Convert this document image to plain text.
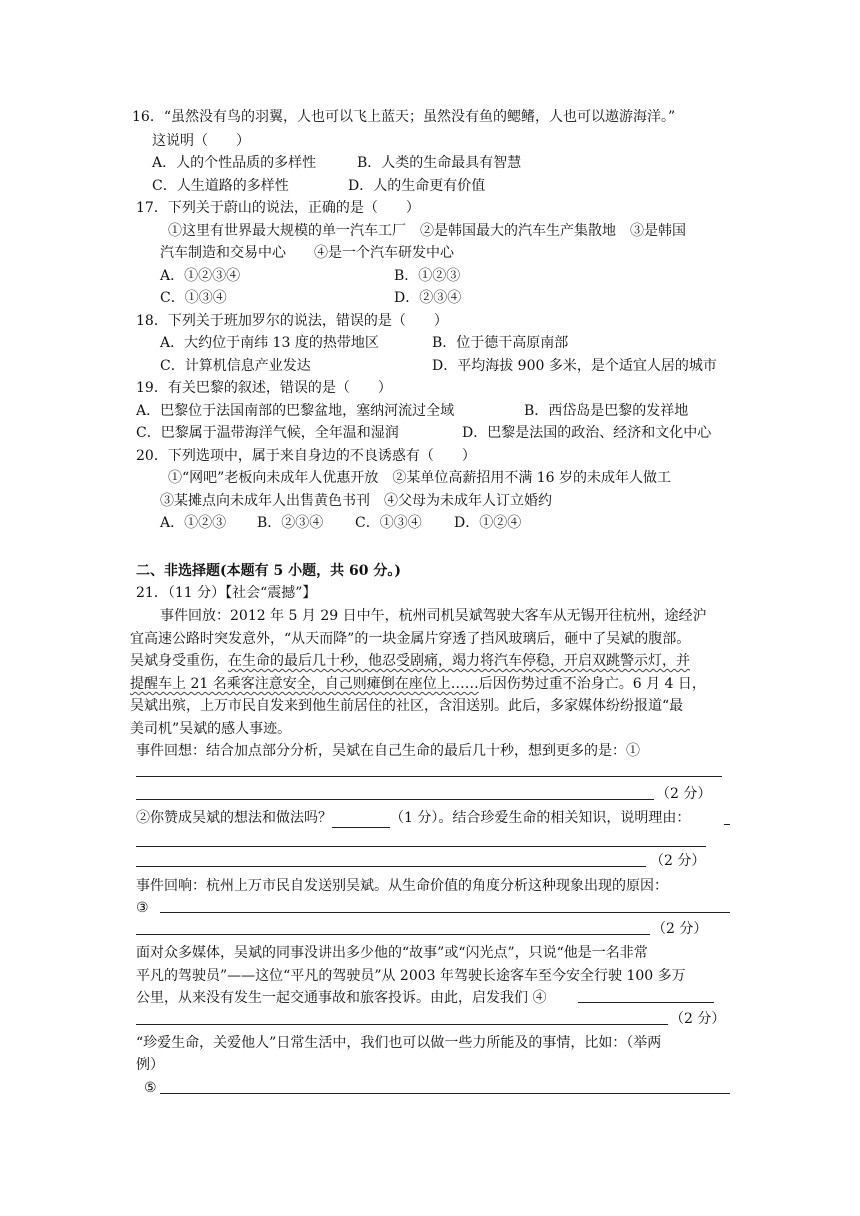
16．“虽然没有鸟的羽翼，人也可以飞上蓝天；虽然没有鱼的鳃鳍，人也可以遨游海洋。”
这说明（　　）
A．人的个性品质的多样性	B．人类的生命最具有智慧
C．人生道路的多样性	D．人的生命更有价值
17．下列关于蔚山的说法，正确的是（　　）
①这里有世界最大规模的单一汽车工厂　②是韩国最大的汽车生产集散地　③是韩国
汽车制造和交易中心　　④是一个汽车研发中心
A．①②③④	B．①②③
C．①③④	D．②③④
18．下列关于班加罗尔的说法，错误的是（　　）
A．大约位于南纬 13 度的热带地区	B．位于德干高原南部
C．计算机信息产业发达	D．平均海拔 900 多米，是个适宜人居的城市
19．有关巴黎的叙述，错误的是（　　）
A．巴黎位于法国南部的巴黎盆地，塞纳河流过全域	B．西岱岛是巴黎的发祥地
C．巴黎属于温带海洋气候，全年温和湿润	D．巴黎是法国的政治、经济和文化中心
20．下列选项中，属于来自身边的不良诱惑有（　　）
①“网吧”老板向未成年人优惠开放　②某单位高薪招用不满 16 岁的未成年人做工
③某摊点向未成年人出售黄色书刊　④父母为未成年人订立婚约
A．①②③ B．②③④ C．①③④ D．①②④
二、非选择题(本题有 5 小题，共 60 分。)
21．（11 分）【社会“震撼”】
事件回放：2012 年 5 月 29 日中午，杭州司机吴斌驾驶大客车从无锡开往杭州，途经沪
宜高速公路时突发意外，“从天而降”的一块金属片穿透了挡风玻璃后，砸中了吴斌的腹部。
吴斌身受重伤，在生命的最后几十秒，他忍受剧痛，竭力将汽车停稳，开启双跳警示灯，并
提醒车上 21 名乘客注意安全，自己则瘫倒在座位上……后因伤势过重不治身亡。6 月 4 日，
吴斌出殡，上万市民自发来到他生前居住的社区，含泪送别。此后，多家媒体纷纷报道“最
美司机”吴斌的感人事迹。
事件回想：结合加点部分分析，吴斌在自己生命的最后几十秒，想到更多的是：①
（2 分）
②你赞成吴斌的想法和做法吗？	（1 分）。结合珍爱生命的相关知识，说明理由：
（2 分）
事件回响：杭州上万市民自发送别吴斌。从生命价值的角度分析这种现象出现的原因：
③
（2 分）
面对众多媒体，吴斌的同事没讲出多少他的“故事”或“闪光点”，只说“他是一名非常
平凡的驾驶员”——这位“平凡的驾驶员”从 2003 年驾驶长途客车至今安全行驶 100 多万
公里，从来没有发生一起交通事故和旅客投诉。由此，启发我们 ④
（2 分）
“珍爱生命，关爱他人”日常生活中，我们也可以做一些力所能及的事情，比如：（举两
例）
⑤
